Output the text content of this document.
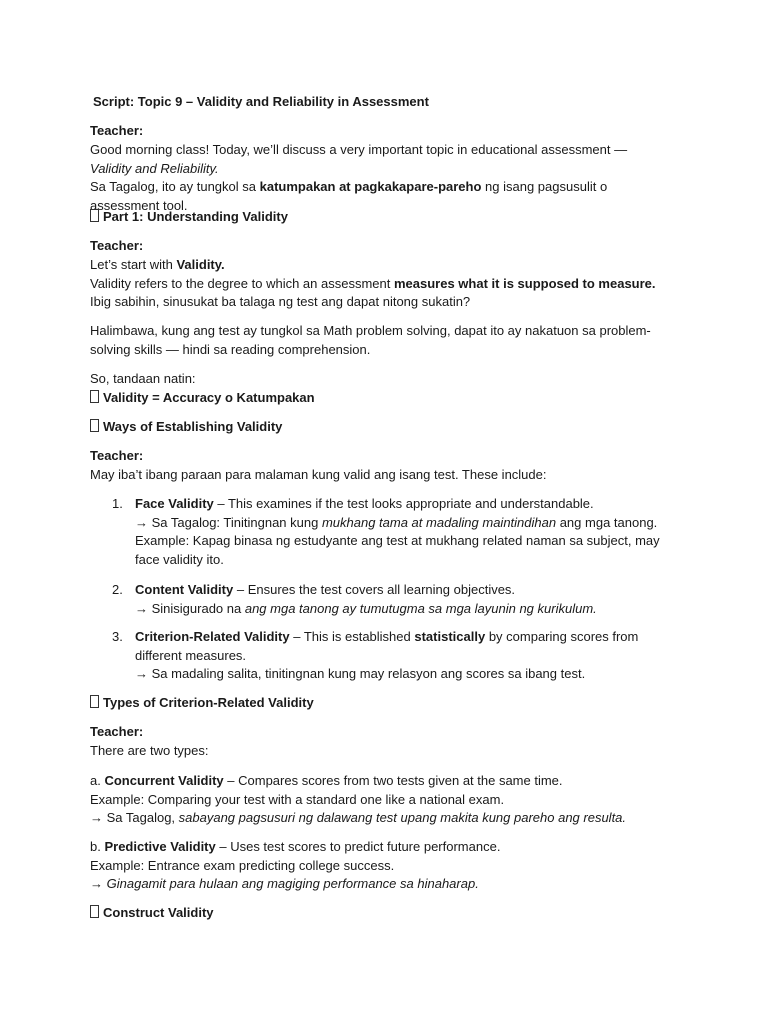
Script: Topic 9 – Validity and Reliability in Assessment

Teacher:

Good morning class! Today, we’ll discuss a very important topic in educational assessment — Validity and Reliability.
Sa Tagalog, ito ay tungkol sa katumpakan at pagkakapare-pareho ng isang pagsusulit o assessment tool.

Part 1: Understanding Validity

Teacher:

Let’s start with Validity.
Validity refers to the degree to which an assessment measures what it is supposed to measure.
Ibig sabihin, sinusukat ba talaga ng test ang dapat nitong sukatin?

Halimbawa, kung ang test ay tungkol sa Math problem solving, dapat ito ay nakatuon sa problem-solving skills — hindi sa reading comprehension.

So, tandaan natin:
Validity = Accuracy o Katumpakan

Ways of Establishing Validity

Teacher:

May iba’t ibang paraan para malaman kung valid ang isang test. These include:

1. Face Validity – This examines if the test looks appropriate and understandable.
→ Sa Tagalog: Tinitingnan kung mukhang tama at madaling maintindihan ang mga tanong.
Example: Kapag binasa ng estudyante ang test at mukhang related naman sa subject, may face validity ito.
2. Content Validity – Ensures the test covers all learning objectives.
→ Sinisigurado na ang mga tanong ay tumutugma sa mga layunin ng kurikulum.
3. Criterion-Related Validity – This is established statistically by comparing scores from different measures.
→ Sa madaling salita, tinitingnan kung may relasyon ang scores sa ibang test.

Types of Criterion-Related Validity

Teacher:

There are two types:

a. Concurrent Validity – Compares scores from two tests given at the same time.
Example: Comparing your test with a standard one like a national exam.
→ Sa Tagalog, sabayang pagsusuri ng dalawang test upang makita kung pareho ang resulta.

b. Predictive Validity – Uses test scores to predict future performance.
Example: Entrance exam predicting college success.
→ Ginagamit para hulaan ang magiging performance sa hinaharap.

Construct Validity
